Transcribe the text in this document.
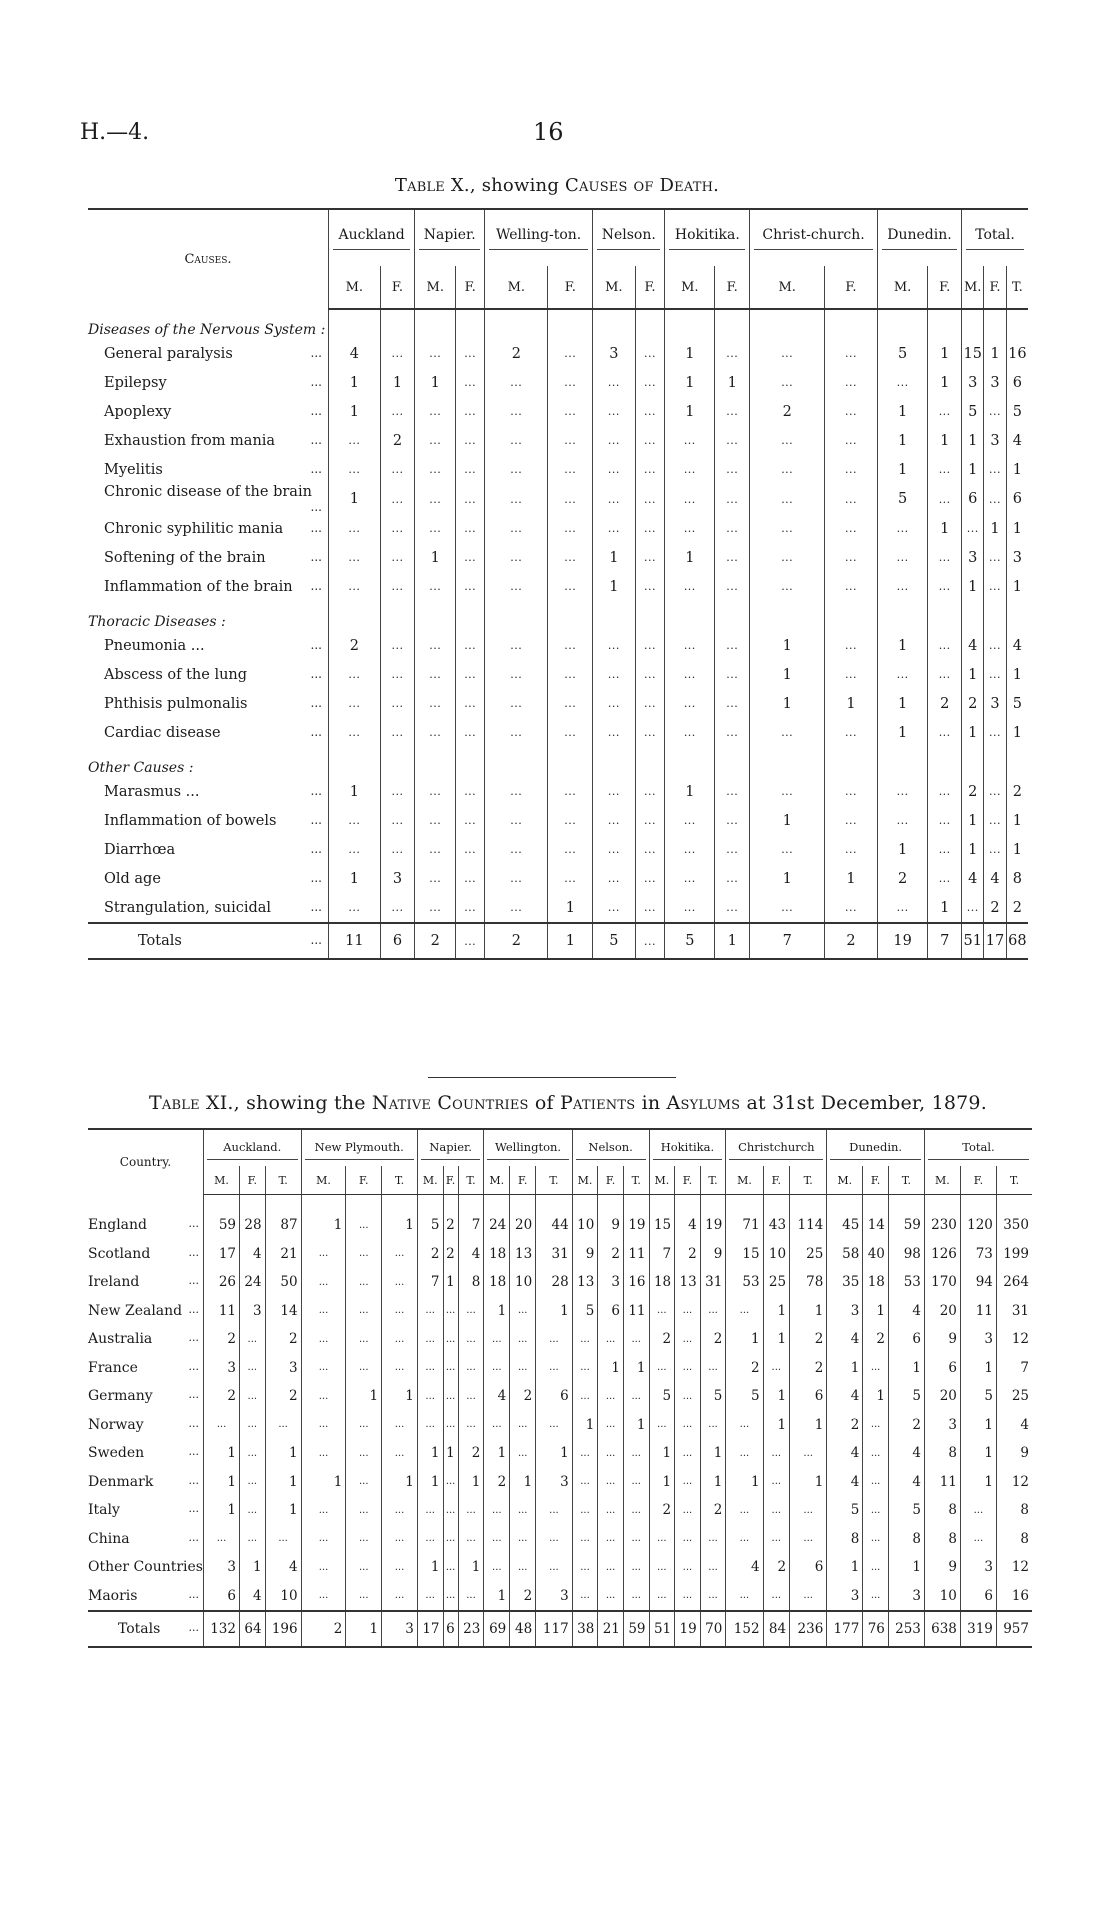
H.—4.	16
Table X., showing Causes of Death.
Causes.	Auckland		Napier.		Welling-ton.		Nelson.		Hokitika.		Christ-church.		Dunedin.		Total.		

	M.	F.	M.	F.	M.	F.	M.	F.	M.	F.	M.	F.	M.	F.	M.	F.	T.
Diseases of the Nervous System :																	
General paralysis ...	4	...	...	...	2	...	3	...	1	...	...	...	5	1	15	1	16
Epilepsy ...	1	1	1	...	...	...	...	...	1	1	...	...	...	1	3	3	6
Apoplexy ...	1	...	...	...	...	...	...	...	1	...	2	...	1	...	5	...	5
Exhaustion from mania ...	...	2	...	...	...	...	...	...	...	...	...	...	1	1	1	3	4
Myelitis ...	...	...	...	...	...	...	...	...	...	...	...	...	1	...	1	...	1
Chronic disease of the brain
...	1	...	...	...	...	...	...	...	...	...	...	...	5	...	6	...	6
Chronic syphilitic mania ...	...	...	...	...	...	...	...	...	...	...	...	...	...	1	...	1	1
Softening of the brain ...	...	...	1	...	...	...	1	...	1	...	...	...	...	...	3	...	3
Inflammation of the brain ...	...	...	...	...	...	...	1	...	...	...	...	...	...	...	1	...	1
Thoracic Diseases :																	
Pneumonia ... ...	2	...	...	...	...	...	...	...	...	...	1	...	1	...	4	...	4
Abscess of the lung ...	...	...	...	...	...	...	...	...	...	...	1	...	...	...	1	...	1
Phthisis pulmonalis ...	...	...	...	...	...	...	...	...	...	...	1	1	1	2	2	3	5
Cardiac disease ...	...	...	...	...	...	...	...	...	...	...	...	...	1	...	1	...	1
Other Causes :																	
Marasmus ... ...	1	...	...	...	...	...	...	...	1	...	...	...	...	...	2	...	2
Inflammation of bowels ...	...	...	...	...	...	...	...	...	...	...	1	...	...	...	1	...	1
Diarrhœa ...	...	...	...	...	...	...	...	...	...	...	...	...	1	...	1	...	1
Old age ...	1	3	...	...	...	...	...	...	...	...	1	1	2	...	4	4	8
Strangulation, suicidal ...	...	...	...	...	...	1	...	...	...	...	...	...	...	1	...	2	2
Totals ...	11	6	2	...	2	1	5	...	5	1	7	2	19	7	51	17	68
Table XI., showing the Native Countries of Patients in Asylums at 31st December, 1879.
Country.	Auckland.			New Plymouth.			Napier.			Wellington.			Nelson.			Hokitika.			Christchurch			Dunedin.			Total.		

	M.	F.	T.	M.	F.	T.	M.	F.	T.	M.	F.	T.	M.	F.	T.	M.	F.	T.	M.	F.	T.	M.	F.	T.	M.	F.	T.
England ...	59	28	87	1	...	1	5	2	7	24	20	44	10	9	19	15	4	19	71	43	114	45	14	59	230	120	350
Scotland ...	17	4	21	...	...	...	2	2	4	18	13	31	9	2	11	7	2	9	15	10	25	58	40	98	126	73	199
Ireland ...	26	24	50	...	...	...	7	1	8	18	10	28	13	3	16	18	13	31	53	25	78	35	18	53	170	94	264
New Zealand ...	11	3	14	...	...	...	...	...	...	1	...	1	5	6	11	...	...	...	...	1	1	3	1	4	20	11	31
Australia ...	2	...	2	...	...	...	...	...	...	...	...	...	...	...	...	2	...	2	1	1	2	4	2	6	9	3	12
France ...	3	...	3	...	...	...	...	...	...	...	...	...	...	1	1	...	...	...	2	...	2	1	...	1	6	1	7
Germany ...	2	...	2	...	1	1	...	...	...	4	2	6	...	...	...	5	...	5	5	1	6	4	1	5	20	5	25
Norway ...	...	...	...	...	...	...	...	...	...	...	...	...	1	...	1	...	...	...	...	1	1	2	...	2	3	1	4
Sweden ...	1	...	1	...	...	...	1	1	2	1	...	1	...	...	...	1	...	1	...	...	...	4	...	4	8	1	9
Denmark ...	1	...	1	1	...	1	1	...	1	2	1	3	...	...	...	1	...	1	1	...	1	4	...	4	11	1	12
Italy ...	1	...	1	...	...	...	...	...	...	...	...	...	...	...	...	2	...	2	...	...	...	5	...	5	8	...	8
China ...	...	...	...	...	...	...	...	...	...	...	...	...	...	...	...	...	...	...	...	...	...	8	...	8	8	...	8
Other Countries	3	1	4	...	...	...	1	...	1	...	...	...	...	...	...	...	...	...	4	2	6	1	...	1	9	3	12
Maoris ...	6	4	10	...	...	...	...	...	...	1	2	3	...	...	...	...	...	...	...	...	...	3	...	3	10	6	16
Totals ...	132	64	196	2	1	3	17	6	23	69	48	117	38	21	59	51	19	70	152	84	236	177	76	253	638	319	957
